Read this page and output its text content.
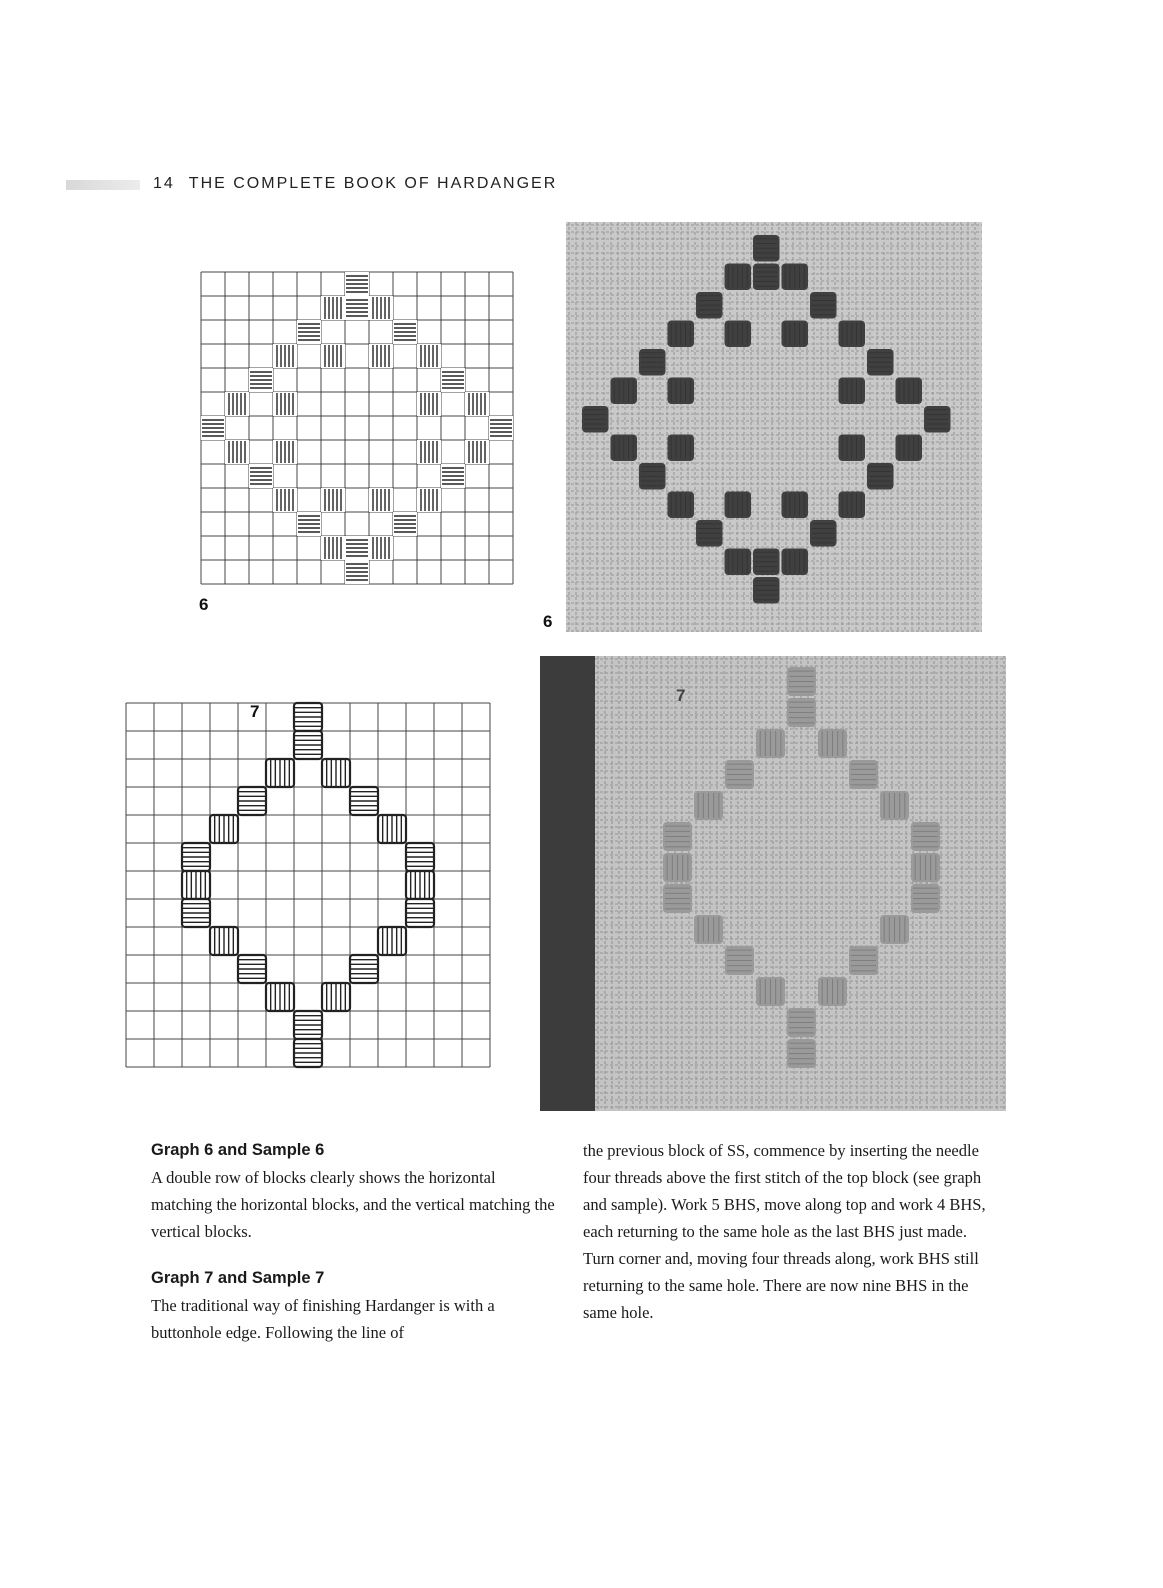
14 THE COMPLETE BOOK OF HARDANGER
6
6
7
7
Graph 6 and Sample 6

A double row of blocks clearly shows the horizontal matching the horizontal blocks, and the vertical matching the vertical blocks.

Graph 7 and Sample 7

The traditional way of finishing Hardanger is with a buttonhole edge. Following the line of

the previous block of SS, commence by inserting the needle four threads above the first stitch of the top block (see graph and sample). Work 5 BHS, move along top and work 4 BHS, each returning to the same hole as the last BHS just made. Turn corner and, moving four threads along, work BHS still returning to the same hole. There are now nine BHS in the same hole.
